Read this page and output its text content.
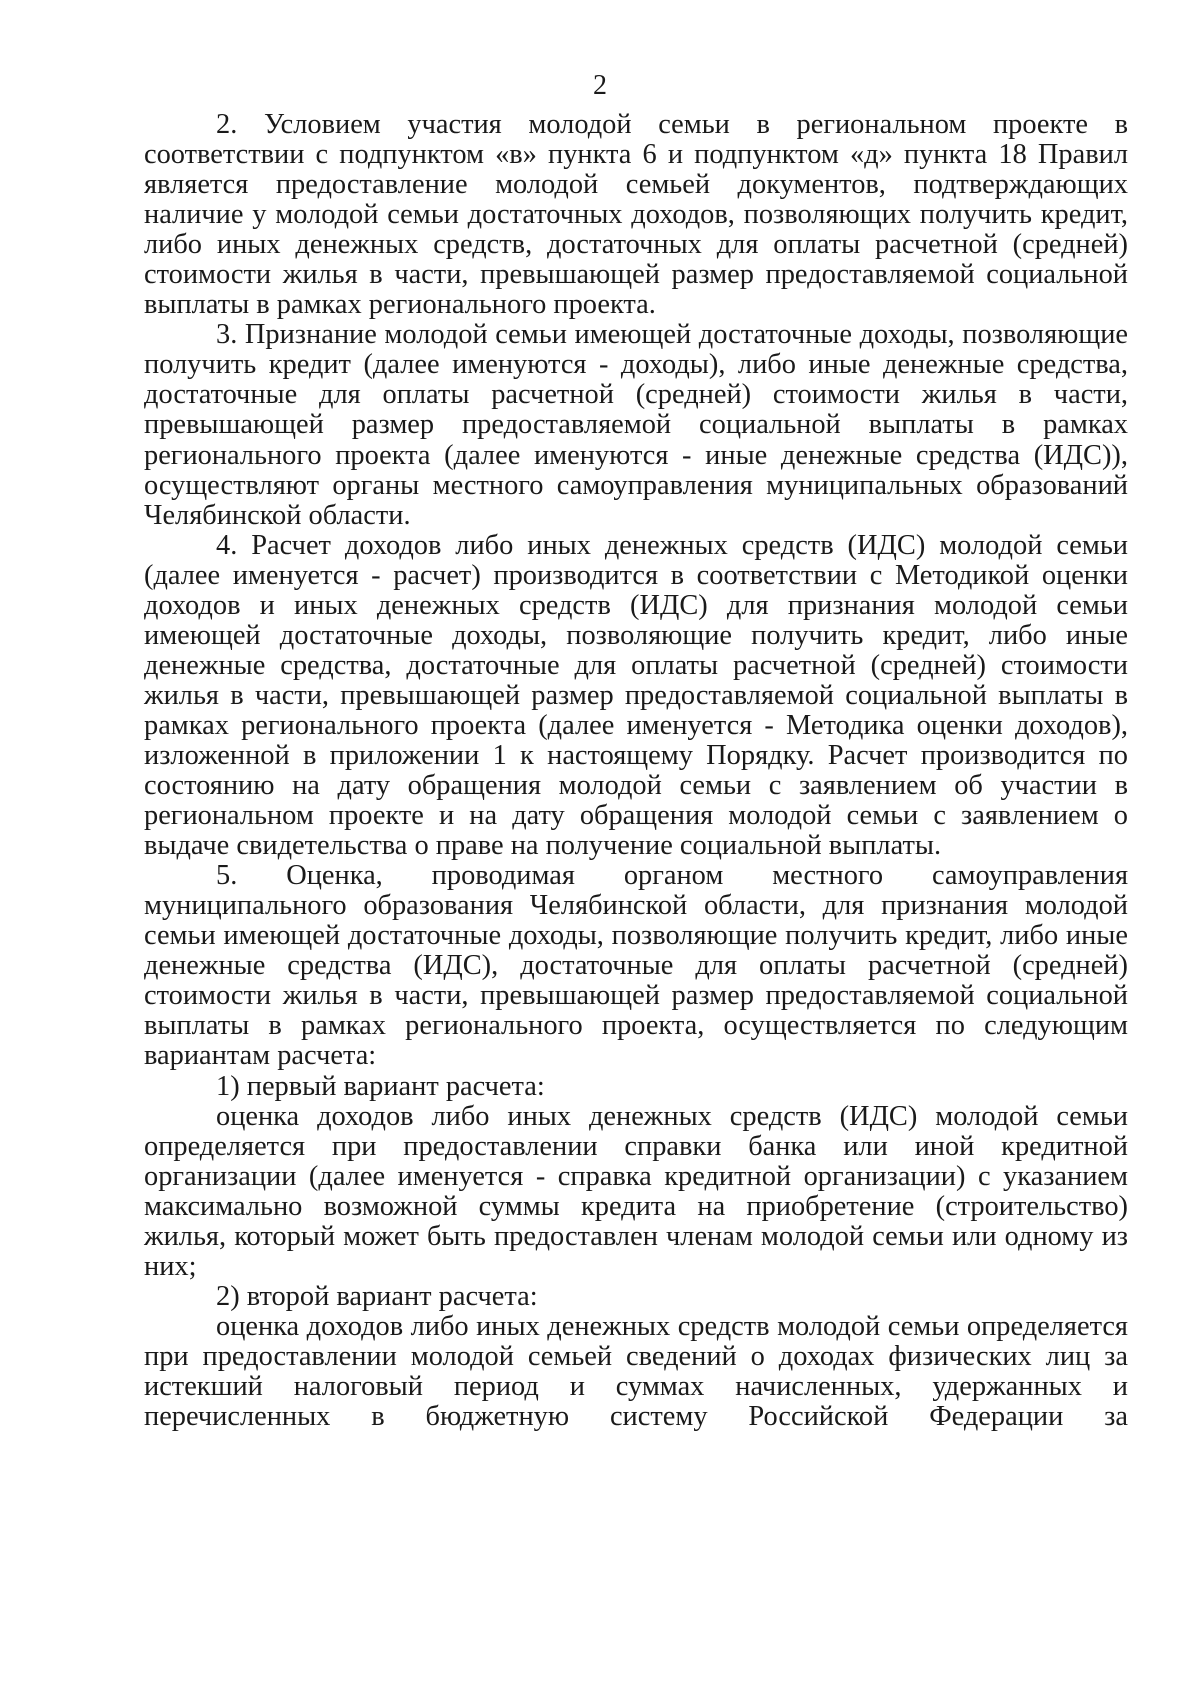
2

2. Условием участия молодой семьи в региональном проекте в соответствии с подпунктом «в» пункта 6 и подпунктом «д» пункта 18 Правил является предоставление молодой семьей документов, подтверждающих наличие у молодой семьи достаточных доходов, позволяющих получить кредит, либо иных денежных средств, достаточных для оплаты расчетной (средней) стоимости жилья в части, превышающей размер предоставляемой социальной выплаты в рамках регионального проекта.

3. Признание молодой семьи имеющей достаточные доходы, позволяющие получить кредит (далее именуются - доходы), либо иные денежные средства, достаточные для оплаты расчетной (средней) стоимости жилья в части, превышающей размер предоставляемой социальной выплаты в рамках регионального проекта (далее именуются - иные денежные средства (ИДС)), осуществляют органы местного самоуправления муниципальных образований Челябинской области.

4. Расчет доходов либо иных денежных средств (ИДС) молодой семьи (далее именуется - расчет) производится в соответствии с Методикой оценки доходов и иных денежных средств (ИДС) для признания молодой семьи имеющей достаточные доходы, позволяющие получить кредит, либо иные денежные средства, достаточные для оплаты расчетной (средней) стоимости жилья в части, превышающей размер предоставляемой социальной выплаты в рамках регионального проекта (далее именуется - Методика оценки доходов), изложенной в приложении 1 к настоящему Порядку. Расчет производится по состоянию на дату обращения молодой семьи с заявлением об участии в региональном проекте и на дату обращения молодой семьи с заявлением о выдаче свидетельства о праве на получение социальной выплаты.

5. Оценка, проводимая органом местного самоуправления муниципального образования Челябинской области, для признания молодой семьи имеющей достаточные доходы, позволяющие получить кредит, либо иные денежные средства (ИДС), достаточные для оплаты расчетной (средней) стоимости жилья в части, превышающей размер предоставляемой социальной выплаты в рамках регионального проекта, осуществляется по следующим вариантам расчета:

1) первый вариант расчета:

оценка доходов либо иных денежных средств (ИДС) молодой семьи определяется при предоставлении справки банка или иной кредитной организации (далее именуется - справка кредитной организации) с указанием максимально возможной суммы кредита на приобретение (строительство) жилья, который может быть предоставлен членам молодой семьи или одному из них;

2) второй вариант расчета:

оценка доходов либо иных денежных средств молодой семьи определяется при предоставлении молодой семьей сведений о доходах физических лиц за истекший налоговый период и суммах начисленных, удержанных и перечисленных в бюджетную систему Российской Федерации за
